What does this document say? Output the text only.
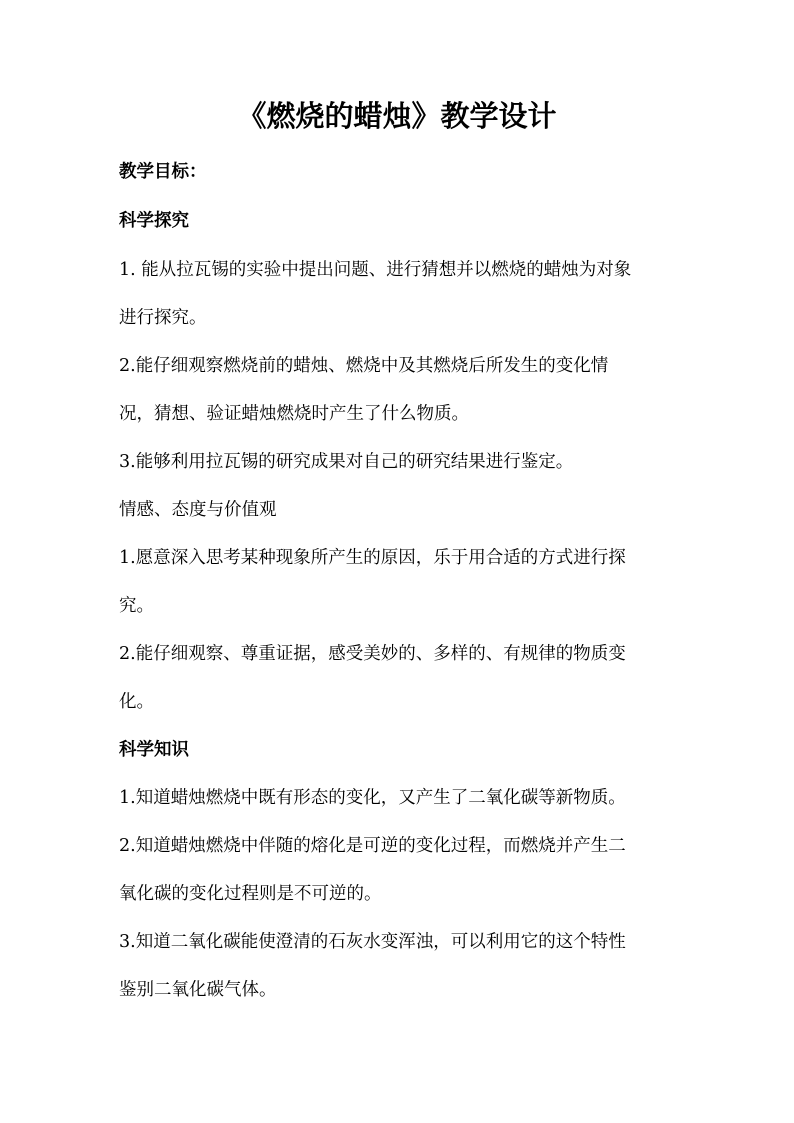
《燃烧的蜡烛》教学设计
教学目标：
科学探究
1. 能从拉瓦锡的实验中提出问题、进行猜想并以燃烧的蜡烛为对象
进行探究。
2.能仔细观察燃烧前的蜡烛、燃烧中及其燃烧后所发生的变化情
况，猜想、验证蜡烛燃烧时产生了什么物质。
3.能够利用拉瓦锡的研究成果对自己的研究结果进行鉴定。
情感、态度与价值观
1.愿意深入思考某种现象所产生的原因，乐于用合适的方式进行探
究。
2.能仔细观察、尊重证据，感受美妙的、多样的、有规律的物质变
化。
科学知识
1.知道蜡烛燃烧中既有形态的变化，又产生了二氧化碳等新物质。
2.知道蜡烛燃烧中伴随的熔化是可逆的变化过程，而燃烧并产生二
氧化碳的变化过程则是不可逆的。
3.知道二氧化碳能使澄清的石灰水变浑浊，可以利用它的这个特性
鉴别二氧化碳气体。
